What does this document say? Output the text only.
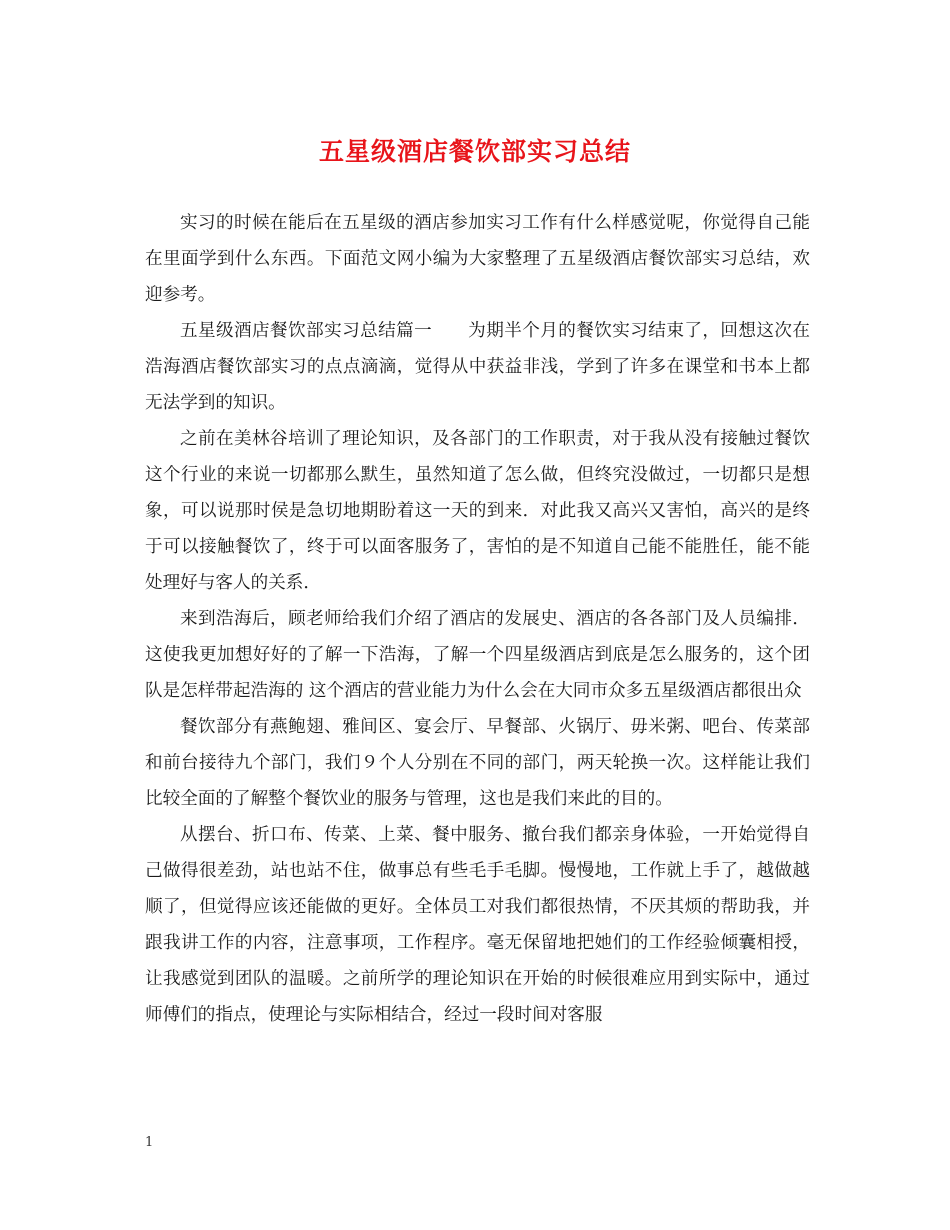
五星级酒店餐饮部实习总结

实习的时候在能后在五星级的酒店参加实习工作有什么样感觉呢，你觉得自己能在里面学到什么东西。下面范文网小编为大家整理了五星级酒店餐饮部实习总结，欢迎参考。

五星级酒店餐饮部实习总结篇一　　为期半个月的餐饮实习结束了，回想这次在浩海酒店餐饮部实习的点点滴滴，觉得从中获益非浅，学到了许多在课堂和书本上都无法学到的知识。

之前在美林谷培训了理论知识，及各部门的工作职责，对于我从没有接触过餐饮这个行业的来说一切都那么默生，虽然知道了怎么做，但终究没做过，一切都只是想象，可以说那时侯是急切地期盼着这一天的到来．对此我又高兴又害怕，高兴的是终于可以接触餐饮了，终于可以面客服务了，害怕的是不知道自己能不能胜任，能不能处理好与客人的关系．

来到浩海后，顾老师给我们介绍了酒店的发展史、酒店的各各部门及人员编排．这使我更加想好好的了解一下浩海，了解一个四星级酒店到底是怎么服务的，这个团队是怎样带起浩海的 这个酒店的营业能力为什么会在大同市众多五星级酒店都很出众

餐饮部分有燕鲍翅、雅间区、宴会厅、早餐部、火锅厅、毋米粥、吧台、传菜部和前台接待九个部门，我们９个人分别在不同的部门，两天轮换一次。这样能让我们比较全面的了解整个餐饮业的服务与管理，这也是我们来此的目的。

从摆台、折口布、传菜、上菜、餐中服务、撤台我们都亲身体验，一开始觉得自己做得很差劲，站也站不住，做事总有些毛手毛脚。慢慢地，工作就上手了，越做越顺了，但觉得应该还能做的更好。全体员工对我们都很热情，不厌其烦的帮助我，并跟我讲工作的内容，注意事项，工作程序。毫无保留地把她们的工作经验倾囊相授，让我感觉到团队的温暖。之前所学的理论知识在开始的时候很难应用到实际中，通过师傅们的指点，使理论与实际相结合，经过一段时间对客服

1
